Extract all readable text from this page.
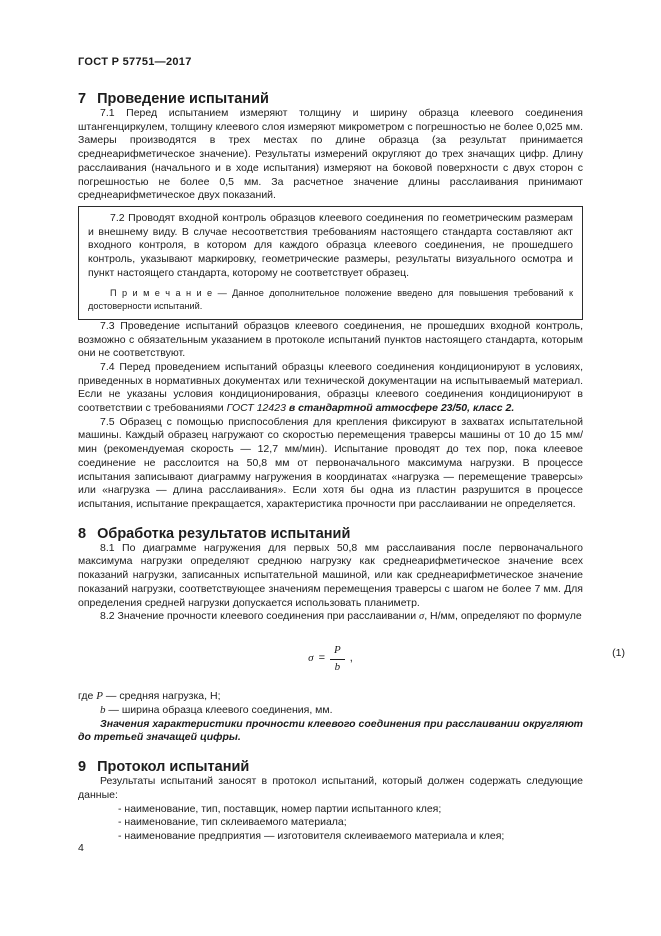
ГОСТ Р 57751—2017
7 Проведение испытаний

7.1 Перед испытанием измеряют толщину и ширину образца клеевого соединения штангенциркулем, толщину клеевого слоя измеряют микрометром с погрешностью не более 0,025 мм. Замеры производятся в трех местах по длине образца (за результат принимается среднеарифметическое значение). Результаты измерений округляют до трех значащих цифр. Длину расслаивания (начального и в ходе испытания) измеряют на боковой поверхности с двух сторон с погрешностью не более 0,5 мм. За расчетное значение длины расслаивания принимают среднеарифметическое двух показаний.

7.2 Проводят входной контроль образцов клеевого соединения по геометрическим размерам и внешнему виду. В случае несоответствия требованиям настоящего стандарта составляют акт входного контроля, в котором для каждого образца клеевого соединения, не прошедшего контроль, указывают маркировку, геометрические размеры, результаты визуального осмотра и пункт настоящего стандарта, которому не соответствует образец.

П р и м е ч а н и е — Данное дополнительное положение введено для повышения требований к достоверности испытаний.

7.3 Проведение испытаний образцов клеевого соединения, не прошедших входной контроль, возможно с обязательным указанием в протоколе испытаний пунктов настоящего стандарта, которым они не соответствуют.

7.4 Перед проведением испытаний образцы клеевого соединения кондиционируют в условиях, приведенных в нормативных документах или технической документации на испытываемый материал. Если не указаны условия кондиционирования, образцы клеевого соединения кондиционируют в соответствии с требованиями ГОСТ 12423 в стандартной атмосфере 23/50, класс 2.

7.5 Образец с помощью приспособления для крепления фиксируют в захватах испытательной машины. Каждый образец нагружают со скоростью перемещения траверсы машины от 10 до 15 мм/мин (рекомендуемая скорость — 12,7 мм/мин). Испытание проводят до тех пор, пока клеевое соединение не расслоится на 50,8 мм от первоначального максимума нагрузки. В процессе испытания записывают диаграмму нагружения в координатах «нагрузка — перемещение траверсы» или «нагрузка — длина расслаивания». Если хотя бы одна из пластин разрушится в процессе испытания, испытание прекращается, характеристика прочности при расслаивании не определяется.

8 Обработка результатов испытаний

8.1 По диаграмме нагружения для первых 50,8 мм расслаивания после первоначального максимума нагрузки определяют среднюю нагрузку как среднеарифметическое значение всех показаний нагрузки, записанных испытательной машиной, или как среднеарифметическое значение показаний нагрузки, соответствующее значениям перемещения траверсы с шагом не более 7 мм. Для определения средней нагрузки допускается использовать планиметр.

8.2 Значение прочности клеевого соединения при расслаивании σ, Н/мм, определяют по формуле

$\sigma = \frac{P}{b}$ ,	(1)

где P — средняя нагрузка, Н;

b — ширина образца клеевого соединения, мм.

Значения характеристики прочности клеевого соединения при расслаивании округляют до третьей значащей цифры.

9 Протокол испытаний

Результаты испытаний заносят в протокол испытаний, который должен содержать следующие данные:

- наименование, тип, поставщик, номер партии испытанного клея;

- наименование, тип склеиваемого материала;

- наименование предприятия — изготовителя склеиваемого материала и клея;

4
